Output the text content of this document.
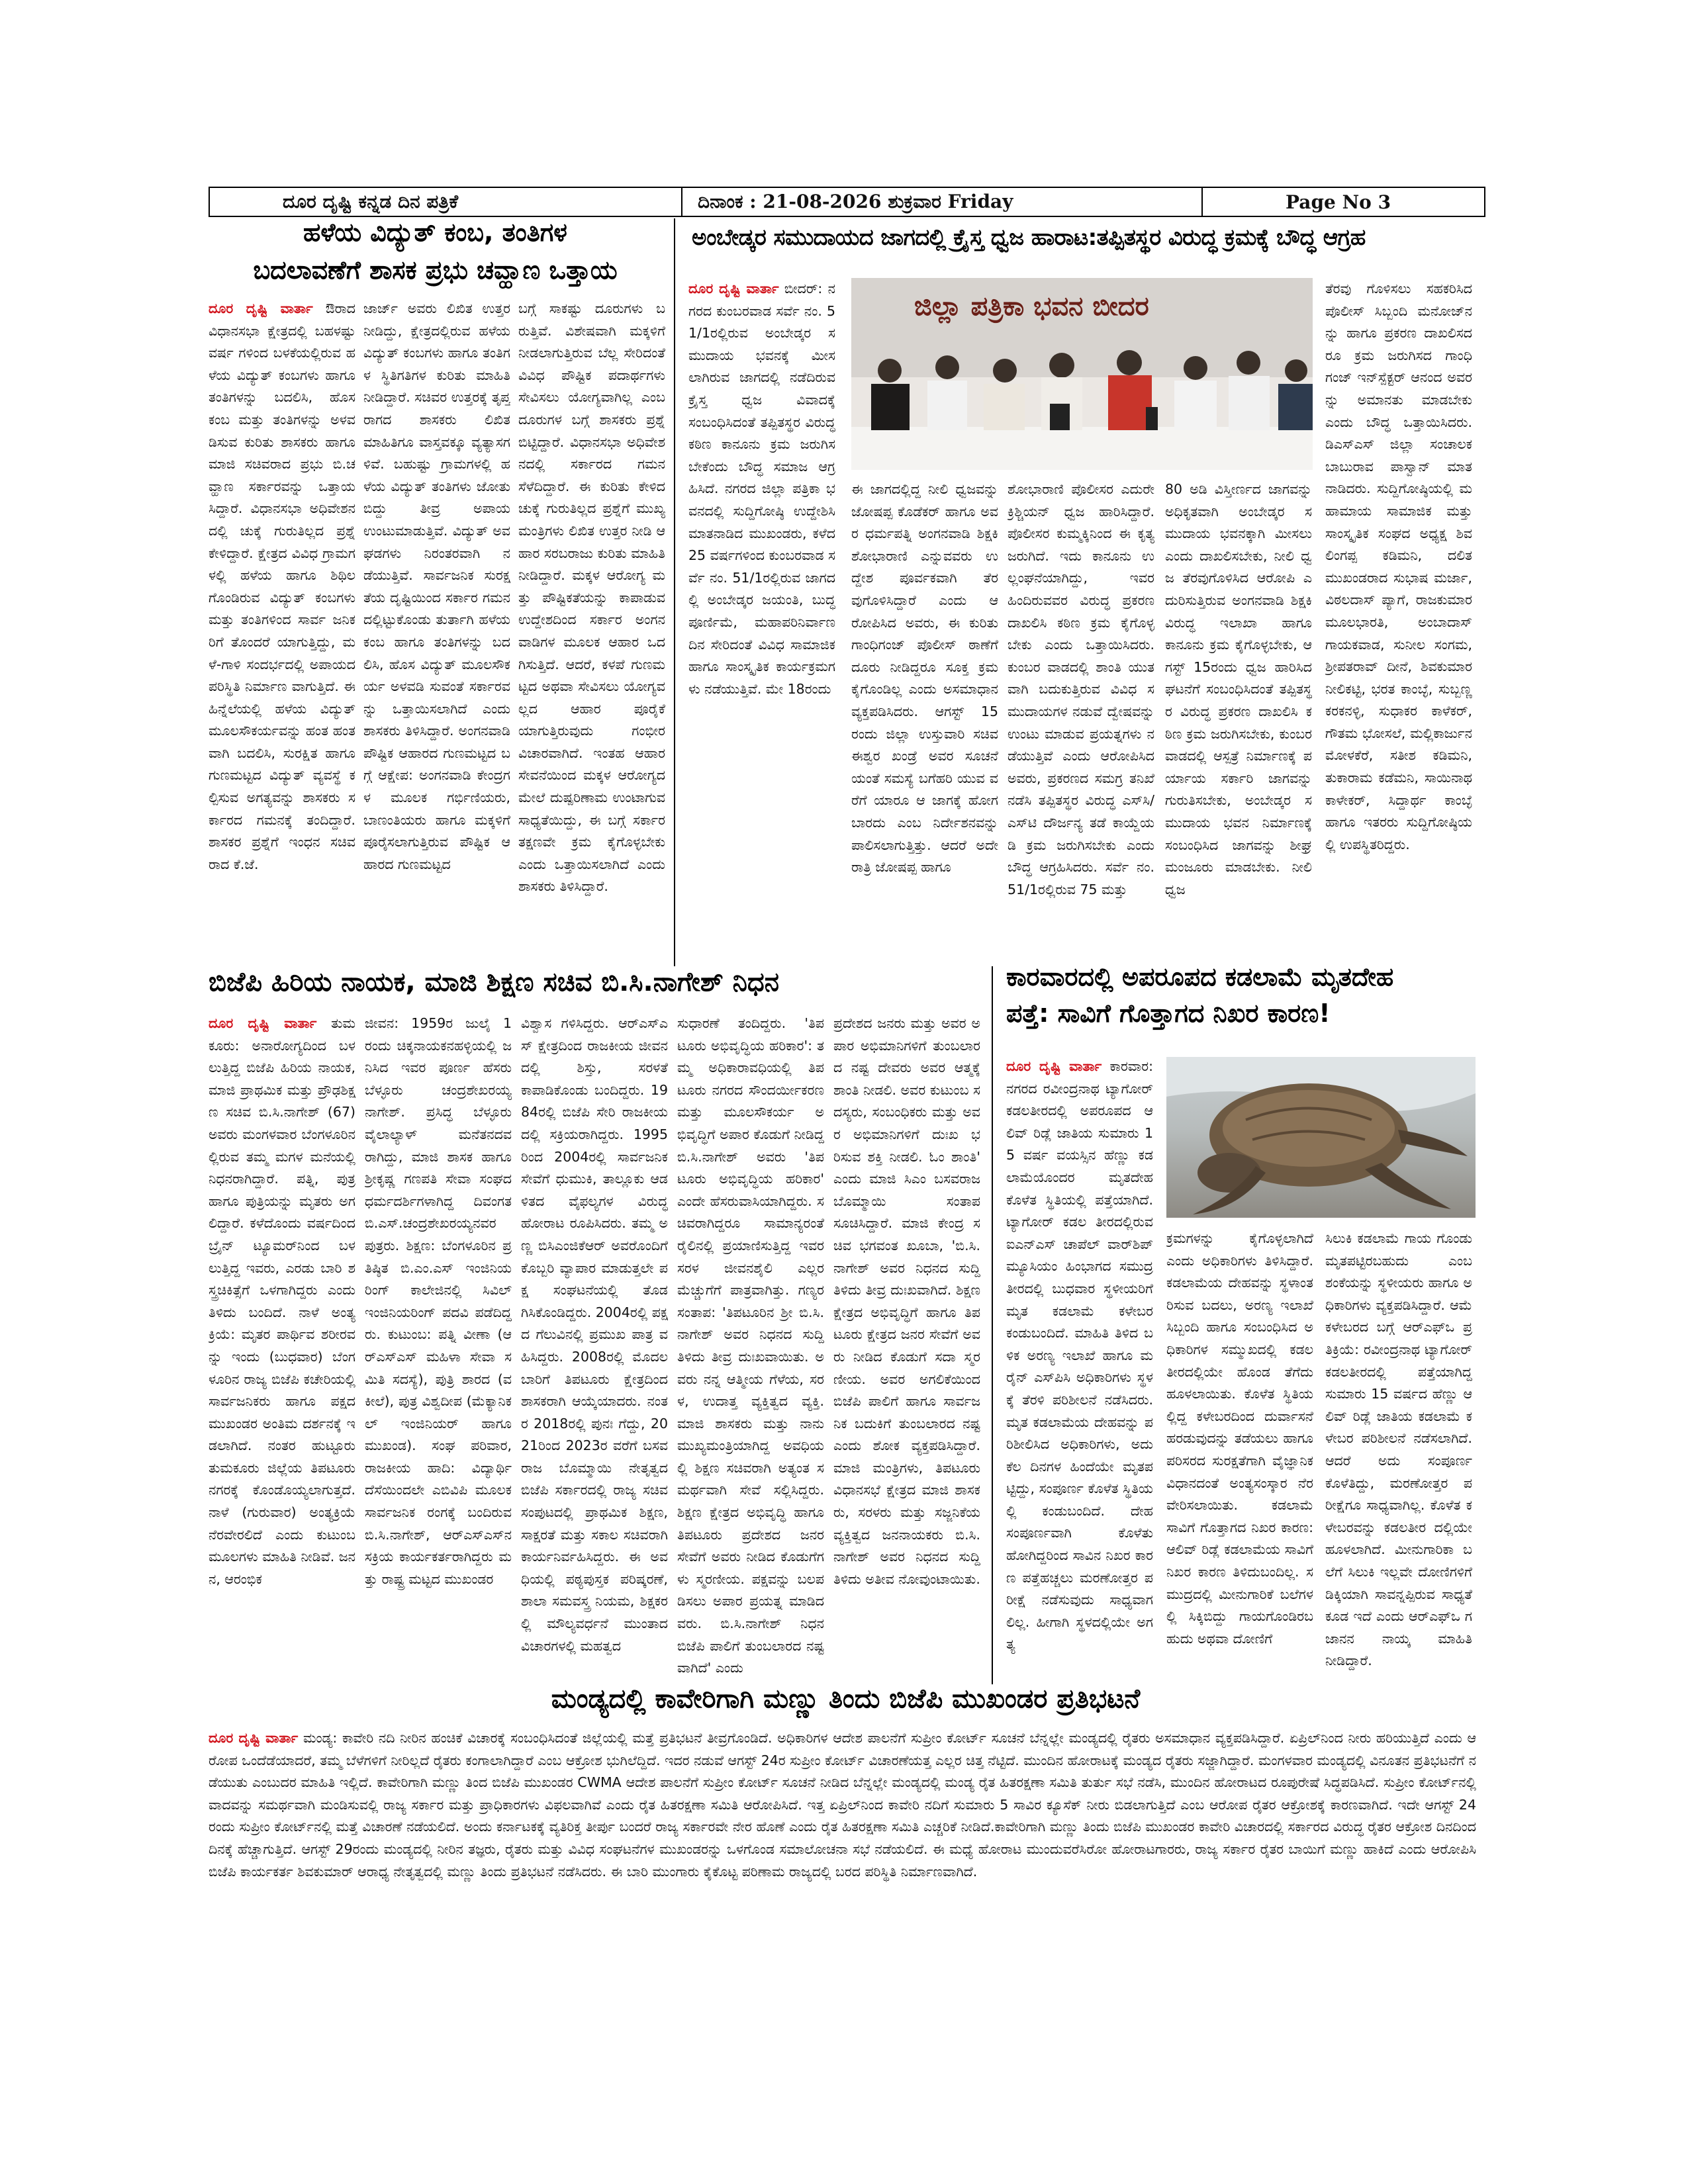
ದೂರ ದೃಷ್ಟಿ ಕನ್ನಡ ದಿನ ಪತ್ರಿಕೆ	ದಿನಾಂಕ : 21-08-2026 ಶುಕ್ರವಾರ Friday	Page No 3
ಹಳೆಯ ವಿದ್ಯುತ್ ಕಂಬ, ತಂತಿಗಳ
ಬದಲಾವಣೆಗೆ ಶಾಸಕ ಪ್ರಭು ಚವ್ಹಾಣ ಒತ್ತಾಯ

ದೂರ ದೃಷ್ಟಿ ವಾರ್ತಾ ಔರಾದ ವಿಧಾನಸಭಾ ಕ್ಷೇತ್ರದಲ್ಲಿ ಬಹಳಷ್ಟು ವರ್ಷ ಗಳಿಂದ ಬಳಕೆಯಲ್ಲಿರುವ ಹಳೆಯ ವಿದ್ಯುತ್ ಕಂಬಗಳು ಹಾಗೂ ತಂತಿಗಳನ್ನು ಬದಲಿಸಿ, ಹೊಸ ಕಂಬ ಮತ್ತು ತಂತಿಗಳನ್ನು ಅಳವಡಿಸುವ ಕುರಿತು ಶಾಸಕರು ಹಾಗೂ ಮಾಜಿ ಸಚಿವರಾದ ಪ್ರಭು ಬಿ.ಚವ್ಹಾಣ ಸರ್ಕಾರವನ್ನು ಒತ್ತಾಯ ಸಿದ್ದಾರೆ. ವಿಧಾನಸಭಾ ಅಧಿವೇಶನದಲ್ಲಿ ಚುಕ್ಕೆ ಗುರುತಿಲ್ಲದ ಪ್ರಶ್ನೆ ಕೇಳಿದ್ದಾರೆ. ಕ್ಷೇತ್ರದ ವಿವಿಧ ಗ್ರಾಮಗಳಲ್ಲಿ ಹಳೆಯ ಹಾಗೂ ಶಿಥಿಲಗೊಂಡಿರುವ ವಿದ್ಯುತ್ ಕಂಬಗಳು ಮತ್ತು ತಂತಿಗಳಿಂದ ಸಾರ್ವ ಜನಿಕರಿಗೆ ತೊಂದರೆ ಯಾಗುತ್ತಿದ್ದು, ಮಳೆ-ಗಾಳಿ ಸಂದರ್ಭದಲ್ಲಿ ಅಪಾಯದ ಪರಿಸ್ಥಿತಿ ನಿರ್ಮಾಣ ವಾಗುತ್ತಿದೆ. ಈ ಹಿನ್ನೆಲೆಯಲ್ಲಿ ಹಳೆಯ ವಿದ್ಯುತ್ ಮೂಲಸೌಕರ್ಯವನ್ನು ಹಂತ ಹಂತವಾಗಿ ಬದಲಿಸಿ, ಸುರಕ್ಷಿತ ಹಾಗೂ ಗುಣಮಟ್ಟದ ವಿದ್ಯುತ್ ವ್ಯವಸ್ಥೆ ಕಲ್ಪಿಸುವ ಅಗತ್ಯವನ್ನು ಶಾಸಕರು ಸರ್ಕಾರದ ಗಮನಕ್ಕೆ ತಂದಿದ್ದಾರೆ. ಶಾಸಕರ ಪ್ರಶ್ನೆಗೆ ಇಂಧನ ಸಚಿವರಾದ ಕೆ.ಜೆ.

ಜಾರ್ಜ್ ಅವರು ಲಿಖಿತ ಉತ್ತರ ನೀಡಿದ್ದು, ಕ್ಷೇತ್ರದಲ್ಲಿರುವ ಹಳೆಯ ವಿದ್ಯುತ್ ಕಂಬಗಳು ಹಾಗೂ ತಂತಿಗಳ ಸ್ಥಿತಿಗತಿಗಳ ಕುರಿತು ಮಾಹಿತಿ ನೀಡಿದ್ದಾರೆ. ಸಚಿವರ ಉತ್ತರಕ್ಕೆ ತೃಪ್ತರಾಗದ ಶಾಸಕರು ಲಿಖಿತ ಮಾಹಿತಿಗೂ ವಾಸ್ತವಕ್ಕೂ ವ್ಯತ್ಯಾಸಗಳಿವೆ. ಬಹುಷ್ಟು ಗ್ರಾಮಗಳಲ್ಲಿ ಹಳೆಯ ವಿದ್ಯುತ್ ತಂತಿಗಳು ಜೋತು ಬಿದ್ದು ತೀವ್ರ ಅಪಾಯ ಉಂಟುಮಾಡುತ್ತಿವೆ. ವಿದ್ಯುತ್ ಅವಘಡಗಳು ನಿರಂತರವಾಗಿ ನಡೆಯುತ್ತಿವೆ. ಸಾರ್ವಜನಿಕ ಸುರಕ್ಷತೆಯ ದೃಷ್ಟಿಯಿಂದ ಸರ್ಕಾರ ಗಮನದಲ್ಲಿಟ್ಟುಕೊಂಡು ತುರ್ತಾಗಿ ಹಳೆಯ ಕಂಬ ಹಾಗೂ ತಂತಿಗಳನ್ನು ಬದಲಿಸಿ, ಹೊಸ ವಿದ್ಯುತ್ ಮೂಲಸೌಕರ್ಯ ಅಳವಡಿ ಸುವಂತೆ ಸರ್ಕಾರವನ್ನು ಒತ್ತಾಯಿಸಲಾಗಿದೆ ಎಂದು ಶಾಸಕರು ತಿಳಿಸಿದ್ದಾರೆ. ಅಂಗನವಾಡಿ ಪೌಷ್ಟಿಕ ಆಹಾರದ ಗುಣಮಟ್ಟದ ಬಗ್ಗೆ ಆಕ್ಷೇಪ: ಅಂಗನವಾಡಿ ಕೇಂದ್ರಗಳ ಮೂಲಕ ಗರ್ಭಿಣಿಯರು, ಬಾಣಂತಿಯರು ಹಾಗೂ ಮಕ್ಕಳಿಗೆ ಪೂರೈಸಲಾಗುತ್ತಿರುವ ಪೌಷ್ಟಿಕ ಆಹಾರದ ಗುಣಮಟ್ಟದ

ಬಗ್ಗೆ ಸಾಕಷ್ಟು ದೂರುಗಳು ಬರುತ್ತಿವೆ. ವಿಶೇಷವಾಗಿ ಮಕ್ಕಳಿಗೆ ನೀಡಲಾಗುತ್ತಿರುವ ಬೆಲ್ಲ ಸೇರಿದಂತೆ ವಿವಿಧ ಪೌಷ್ಟಿಕ ಪದಾರ್ಥಗಳು ಸೇವಿಸಲು ಯೋಗ್ಯವಾಗಿಲ್ಲ ಎಂಬ ದೂರುಗಳ ಬಗ್ಗೆ ಶಾಸಕರು ಪ್ರಶ್ನೆ ಬಿಟ್ಟಿದ್ದಾರೆ. ವಿಧಾನಸಭಾ ಅಧಿವೇಶನದಲ್ಲಿ ಸರ್ಕಾರದ ಗಮನ ಸೆಳೆದಿದ್ದಾರೆ. ಈ ಕುರಿತು ಕೇಳಿದ ಚುಕ್ಕೆ ಗುರುತಿಲ್ಲದ ಪ್ರಶ್ನೆಗೆ ಮುಖ್ಯಮಂತ್ರಿಗಳು ಲಿಖಿತ ಉತ್ತರ ನೀಡಿ ಆಹಾರ ಸರಬರಾಜು ಕುರಿತು ಮಾಹಿತಿ ನೀಡಿದ್ದಾರೆ. ಮಕ್ಕಳ ಆರೋಗ್ಯ ಮತ್ತು ಪೌಷ್ಟಿಕತೆಯನ್ನು ಕಾಪಾಡುವ ಉದ್ದೇಶದಿಂದ ಸರ್ಕಾರ ಅಂಗನವಾಡಿಗಳ ಮೂಲಕ ಆಹಾರ ಒದಗಿಸುತ್ತಿದೆ. ಆದರೆ, ಕಳಪೆ ಗುಣಮಟ್ಟದ ಅಥವಾ ಸೇವಿಸಲು ಯೋಗ್ಯವಲ್ಲದ ಆಹಾರ ಪೂರೈಕೆ ಯಾಗುತ್ತಿರುವುದು ಗಂಭೀರ ವಿಚಾರವಾಗಿದೆ. ಇಂತಹ ಆಹಾರ ಸೇವನೆಯಿಂದ ಮಕ್ಕಳ ಆರೋಗ್ಯದ ಮೇಲೆ ದುಷ್ಪರಿಣಾಮ ಉಂಟಾಗುವ ಸಾಧ್ಯತೆಯಿದ್ದು, ಈ ಬಗ್ಗೆ ಸರ್ಕಾರ ತಕ್ಷಣವೇ ಕ್ರಮ ಕೈಗೊಳ್ಳಬೇಕು ಎಂದು ಒತ್ತಾಯಿಸಲಾಗಿದೆ ಎಂದು ಶಾಸಕರು ತಿಳಿಸಿದ್ದಾರೆ.

ಅಂಬೇಡ್ಕರ ಸಮುದಾಯದ ಜಾಗದಲ್ಲಿ ಕ್ರೈಸ್ತ ಧ್ವಜ ಹಾರಾಟ:ತಪ್ಪಿತಸ್ಥರ ವಿರುದ್ಧ ಕ್ರಮಕ್ಕೆ ಬೌದ್ಧ ಆಗ್ರಹ

ದೂರ ದೃಷ್ಟಿ ವಾರ್ತಾ ಬೀದರ್: ನಗರದ ಕುಂಬರವಾಡ ಸರ್ವೆ ನಂ. 51/1ರಲ್ಲಿರುವ ಅಂಬೇಡ್ಕರ ಸಮುದಾಯ ಭವನಕ್ಕೆ ಮೀಸಲಾಗಿರುವ ಜಾಗದಲ್ಲಿ ನಡೆದಿರುವ ಕ್ರೈಸ್ತ ಧ್ವಜ ವಿವಾದಕ್ಕೆ ಸಂಬಂಧಿಸಿದಂತೆ ತಪ್ಪಿತಸ್ಥರ ವಿರುದ್ಧ ಕಠಿಣ ಕಾನೂನು ಕ್ರಮ ಜರುಗಿಸ ಬೇಕೆಂದು ಬೌದ್ಧ ಸಮಾಜ ಆಗ್ರಹಿಸಿದೆ. ನಗರದ ಜಿಲ್ಲಾ ಪತ್ರಿಕಾ ಭವನದಲ್ಲಿ ಸುದ್ದಿಗೋಷ್ಠಿ ಉದ್ದೇಶಿಸಿ ಮಾತನಾಡಿದ ಮುಖಂಡರು, ಕಳೆದ 25 ವರ್ಷಗಳಿಂದ ಕುಂಬರವಾಡ ಸರ್ವೆ ನಂ. 51/1ರಲ್ಲಿರುವ ಜಾಗದಲ್ಲಿ ಅಂಬೇಡ್ಕರ ಜಯಂತಿ, ಬುದ್ಧ ಪೂರ್ಣಿಮೆ, ಮಹಾಪರಿನಿರ್ವಾಣ ದಿನ ಸೇರಿದಂತೆ ವಿವಿಧ ಸಾಮಾಜಿಕ ಹಾಗೂ ಸಾಂಸ್ಕೃತಿಕ ಕಾರ್ಯಕ್ರಮಗಳು ನಡೆಯುತ್ತಿವೆ. ಮೇ 18ರಂದು

ಜಿಲ್ಲಾ ಪತ್ರಿಕಾ ಭವನ ಬೀದರ

ಈ ಜಾಗದಲ್ಲಿದ್ದ ನೀಲಿ ಧ್ವಜವನ್ನು ಜೋಷಪ್ಪ ಕೊಡೆಕರ್ ಹಾಗೂ ಅವರ ಧರ್ಮಪತ್ನಿ ಅಂಗನವಾಡಿ ಶಿಕ್ಷಕಿ ಶೋಭಾರಾಣಿ ಎನ್ನುವವರು ಉದ್ದೇಶ ಪೂರ್ವಕವಾಗಿ ತೆರವುಗೊಳಿಸಿದ್ದಾರೆ ಎಂದು ಆರೋಪಿಸಿದ ಅವರು, ಈ ಕುರಿತು ಗಾಂಧಿಗಂಜ್ ಪೊಲೀಸ್ ಠಾಣೆಗೆ ದೂರು ನೀಡಿದ್ದರೂ ಸೂಕ್ತ ಕ್ರಮ ಕೈಗೊಂಡಿಲ್ಲ ಎಂದು ಅಸಮಾಧಾನ ವ್ಯಕ್ತಪಡಿಸಿದರು. ಆಗಸ್ಟ್ 15ರಂದು ಜಿಲ್ಲಾ ಉಸ್ತುವಾರಿ ಸಚಿವ ಈಶ್ವರ ಖಂಡ್ರೆ ಅವರ ಸೂಚನೆ ಯಂತೆ ಸಮಸ್ಯೆ ಬಗೆಹರಿ ಯುವ ವರೆಗೆ ಯಾರೂ ಆ ಜಾಗಕ್ಕೆ ಹೋಗಬಾರದು ಎಂಬ ನಿರ್ದೇಶನವನ್ನು ಪಾಲಿಸಲಾಗುತ್ತಿತ್ತು. ಆದರೆ ಅದೇ ರಾತ್ರಿ ಜೋಷಪ್ಪ ಹಾಗೂ

ಶೋಭಾರಾಣಿ ಪೊಲೀಸರ ಎದುರೇ ಕ್ರಿಶ್ಚಿಯನ್ ಧ್ವಜ ಹಾರಿಸಿದ್ದಾರೆ. ಪೊಲೀಸರ ಕುಮ್ಮಕ್ಕಿನಿಂದ ಈ ಕೃತ್ಯ ಜರುಗಿದೆ. ಇದು ಕಾನೂನು ಉಲ್ಲಂಘನೆಯಾಗಿದ್ದು, ಇವರ ಹಿಂದಿರುವವರ ವಿರುದ್ಧ ಪ್ರಕರಣ ದಾಖಲಿಸಿ ಕಠಿಣ ಕ್ರಮ ಕೈಗೊಳ್ಳಬೇಕು ಎಂದು ಒತ್ತಾಯಿಸಿದರು. ಕುಂಬರ ವಾಡದಲ್ಲಿ ಶಾಂತಿ ಯುತವಾಗಿ ಬದುಕುತ್ತಿರುವ ವಿವಿಧ ಸಮುದಾಯಗಳ ನಡುವೆ ದ್ವೇಷವನ್ನು ಉಂಟು ಮಾಡುವ ಪ್ರಯತ್ನಗಳು ನಡೆಯುತ್ತಿವೆ ಎಂದು ಆರೋಪಿಸಿದ ಅವರು, ಪ್ರಕರಣದ ಸಮಗ್ರ ತನಿಖೆ ನಡೆಸಿ ತಪ್ಪಿತಸ್ಥರ ವಿರುದ್ಧ ಎಸ್‌ಸಿ/ಎಸ್‌ಟಿ ದೌರ್ಜನ್ಯ ತಡೆ ಕಾಯ್ದೆಯಡಿ ಕ್ರಮ ಜರುಗಿಸಬೇಕು ಎಂದು ಬೌದ್ಧ ಆಗ್ರಹಿಸಿದರು. ಸರ್ವೆ ನಂ. 51/1ರಲ್ಲಿರುವ 75 ಮತ್ತು

80 ಅಡಿ ವಿಸ್ತೀರ್ಣದ ಜಾಗವನ್ನು ಅಧಿಕೃತವಾಗಿ ಅಂಬೇಡ್ಕರ ಸಮುದಾಯ ಭವನಕ್ಕಾಗಿ ಮೀಸಲು ಎಂದು ದಾಖಲಿಸಬೇಕು, ನೀಲಿ ಧ್ವಜ ತೆರವುಗೊಳಿಸಿದ ಆರೋಪಿ ಎದುರಿಸುತ್ತಿರುವ ಅಂಗನವಾಡಿ ಶಿಕ್ಷಕಿ ವಿರುದ್ಧ ಇಲಾಖಾ ಹಾಗೂ ಕಾನೂನು ಕ್ರಮ ಕೈಗೊಳ್ಳಬೇಕು, ಆಗಸ್ಟ್ 15ರಂದು ಧ್ವಜ ಹಾರಿಸಿದ ಘಟನೆಗೆ ಸಂಬಂಧಿಸಿದಂತೆ ತಪ್ಪಿತಸ್ಥರ ವಿರುದ್ಧ ಪ್ರಕರಣ ದಾಖಲಿಸಿ ಕಠಿಣ ಕ್ರಮ ಜರುಗಿಸಬೇಕು, ಕುಂಬರವಾಡದಲ್ಲಿ ಆಸ್ಪತ್ರೆ ನಿರ್ಮಾಣಕ್ಕೆ ಪರ್ಯಾಯ ಸರ್ಕಾರಿ ಜಾಗವನ್ನು ಗುರುತಿಸಬೇಕು, ಅಂಬೇಡ್ಕರ ಸಮುದಾಯ ಭವನ ನಿರ್ಮಾಣಕ್ಕೆ ಸಂಬಂಧಿಸಿದ ಜಾಗವನ್ನು ಶೀಘ್ರ ಮಂಜೂರು ಮಾಡಬೇಕು. ನೀಲಿ ಧ್ವಜ

ತೆರವು ಗೊಳಿಸಲು ಸಹಕರಿಸಿದ ಪೊಲೀಸ್ ಸಿಬ್ಬಂದಿ ಮನೋಜ್‌ನನ್ನು ಹಾಗೂ ಪ್ರಕರಣ ದಾಖಲಿಸದರೂ ಕ್ರಮ ಜರುಗಿಸದ ಗಾಂಧಿ ಗಂಜ್ ಇನ್‌ಸ್ಪೆಕ್ಟರ್ ಆನಂದ ಅವರನ್ನು ಅಮಾನತು ಮಾಡಬೇಕು ಎಂದು ಬೌದ್ಧ ಒತ್ತಾಯಿಸಿದರು. ಡಿಎಸ್‌ಎಸ್ ಜಿಲ್ಲಾ ಸಂಚಾಲಕ ಬಾಬುರಾವ ಪಾಸ್ವಾನ್ ಮಾತನಾಡಿದರು. ಸುದ್ದಿಗೋಷ್ಠಿಯಲ್ಲಿ ಮಹಾಮಾಯ ಸಾಮಾಜಿಕ ಮತ್ತು ಸಾಂಸ್ಕೃತಿಕ ಸಂಘದ ಅಧ್ಯಕ್ಷ ಶಿವಲಿಂಗಪ್ಪ ಕಡಿಮನಿ, ದಲಿತ ಮುಖಂಡರಾದ ಸುಭಾಷ ಮರ್ಜಾ, ವಿಠಲದಾಸ್ ಪ್ಯಾಗೆ, ರಾಜಕುಮಾರ ಮೂಲಭಾರತಿ, ಅಂಬಾದಾಸ್ ಗಾಯಕವಾಡ, ಸುನೀಲ ಸಂಗಮ, ಶ್ರೀಪತರಾವ್ ದೀನೆ, ಶಿವಕುಮಾರ ನೀಲಿಕಟ್ಟಿ, ಭರತ ಕಾಂಬ್ಳೆ, ಸುಬ್ಬಣ್ಣ ಕರಕನಳ್ಳಿ, ಸುಧಾಕರ ಕಾಳೆಕರ್, ಗೌತಮ ಭೋಸಲೆ, ಮಲ್ಲಿಕಾರ್ಜುನ ಮೋಳಕೆರೆ, ಸತೀಶ ಕಡಿಮನಿ, ತುಕಾರಾಮ ಕಡೆಮನಿ, ಸಾಯಿನಾಥ ಕಾಳೇಕರ್, ಸಿದ್ದಾರ್ಥ ಕಾಂಬ್ಳೆ ಹಾಗೂ ಇತರರು ಸುದ್ದಿಗೋಷ್ಠಿಯಲ್ಲಿ ಉಪಸ್ಥಿತರಿದ್ದರು.

ಬಿಜೆಪಿ ಹಿರಿಯ ನಾಯಕ, ಮಾಜಿ ಶಿಕ್ಷಣ ಸಚಿವ ಬಿ.ಸಿ.ನಾಗೇಶ್ ನಿಧನ

ದೂರ ದೃಷ್ಟಿ ವಾರ್ತಾ ತುಮಕೂರು: ಅನಾರೋಗ್ಯದಿಂದ ಬಳಲುತ್ತಿದ್ದ ಬಿಜೆಪಿ ಹಿರಿಯ ನಾಯಕ, ಮಾಜಿ ಪ್ರಾಥಮಿಕ ಮತ್ತು ಪ್ರೌಢಶಿಕ್ಷಣ ಸಚಿವ ಬಿ.ಸಿ.ನಾಗೇಶ್ (67) ಅವರು ಮಂಗಳವಾರ ಬೆಂಗಳೂರಿನಲ್ಲಿರುವ ತಮ್ಮ ಮಗಳ ಮನೆಯಲ್ಲಿ ನಿಧನರಾಗಿದ್ದಾರೆ. ಪತ್ನಿ, ಪುತ್ರ ಹಾಗೂ ಪುತ್ರಿಯನ್ನು ಮೃತರು ಅಗಲಿದ್ದಾರೆ. ಕಳೆದೊಂದು ವರ್ಷದಿಂದ ಬ್ರೈನ್ ಟ್ಯೂಮರ್‌ನಿಂದ ಬಳಲುತ್ತಿದ್ದ ಇವರು, ಎರಡು ಬಾರಿ ಶಸ್ತ್ರಚಿಕಿತ್ಸೆಗೆ ಒಳಗಾಗಿದ್ದರು ಎಂದು ತಿಳಿದು ಬಂದಿದೆ. ನಾಳೆ ಅಂತ್ಯಕ್ರಿಯೆ: ಮೃತರ ಪಾರ್ಥಿವ ಶರೀರವನ್ನು ಇಂದು (ಬುಧವಾರ) ಬೆಂಗಳೂರಿನ ರಾಜ್ಯ ಬಿಜೆಪಿ ಕಚೇರಿಯಲ್ಲಿ ಸಾರ್ವಜನಿಕರು ಹಾಗೂ ಪಕ್ಷದ ಮುಖಂಡರ ಅಂತಿಮ ದರ್ಶನಕ್ಕೆ ಇಡಲಾಗಿದೆ. ನಂತರ ಹುಟ್ಟೂರು ತುಮಕೂರು ಜಿಲ್ಲೆಯ ತಿಪಟೂರು ನಗರಕ್ಕೆ ಕೊಂಡೊಯ್ಯಲಾಗುತ್ತದೆ. ನಾಳೆ (ಗುರುವಾರ) ಅಂತ್ಯಕ್ರಿಯೆ ನೆರವೇರಲಿದೆ ಎಂದು ಕುಟುಂಬ ಮೂಲಗಳು ಮಾಹಿತಿ ನೀಡಿವೆ. ಜನನ, ಆರಂಭಿಕ

ಜೀವನ: 1959ರ ಜುಲೈ 1ರಂದು ಚಿಕ್ಕನಾಯಕನಹಳ್ಳಿಯಲ್ಲಿ ಜನಿಸಿದ ಇವರ ಪೂರ್ಣ ಹೆಸರು ಬೆಳ್ಳೂರು ಚಂದ್ರಶೇಖರಯ್ಯ ನಾಗೇಶ್. ಪ್ರಸಿದ್ಧ ಬೆಳ್ಳೂರು ವೈಲಾಲ್ಯಾಳ್ ಮನೆತನದವರಾಗಿದ್ದು, ಮಾಜಿ ಶಾಸಕ ಹಾಗೂ ಶ್ರೀಕೃಷ್ಣ ಗಣಪತಿ ಸೇವಾ ಸಂಘದ ಧರ್ಮದರ್ಶಿಗಳಾಗಿದ್ದ ದಿವಂಗತ ಬಿ.ಎಸ್.ಚಂದ್ರಶೇಖರಯ್ಯನವರ ಪುತ್ರರು. ಶಿಕ್ಷಣ: ಬೆಂಗಳೂರಿನ ಪ್ರತಿಷ್ಠಿತ ಬಿ.ಎಂ.ಎಸ್ ಇಂಜಿನಿಯರಿಂಗ್ ಕಾಲೇಜಿನಲ್ಲಿ ಸಿವಿಲ್ ಇಂಜಿನಿಯರಿಂಗ್ ಪದವಿ ಪಡೆದಿದ್ದರು. ಕುಟುಂಬ: ಪತ್ನಿ ವೀಣಾ (ಆರ್‌ಎಸ್‌ಎಸ್ ಮಹಿಳಾ ಸೇವಾ ಸಮಿತಿ ಸದಸ್ಯೆ), ಪುತ್ರಿ ಶಾರದ (ವಕೀಲೆ), ಪುತ್ರ ವಿಶ್ವದೀಪ (ಮೆಕ್ಯಾನಿಕಲ್ ಇಂಜಿನಿಯರ್ ಹಾಗೂ ಮುಖಂಡ). ಸಂಘ ಪರಿವಾರ, ರಾಜಕೀಯ ಹಾದಿ: ವಿದ್ಯಾರ್ಥಿ ದೆಸೆಯಿಂದಲೇ ಎಬಿವಿಪಿ ಮೂಲಕ ಸಾರ್ವಜನಿಕ ರಂಗಕ್ಕೆ ಬಂದಿರುವ ಬಿ.ಸಿ.ನಾಗೇಶ್, ಆರ್‌ಎಸ್‌ಎಸ್‌ನ ಸಕ್ರಿಯ ಕಾರ್ಯಕರ್ತರಾಗಿದ್ದರು ಮತ್ತು ರಾಷ್ಟ್ರ ಮಟ್ಟದ ಮುಖಂಡರ

ವಿಶ್ವಾಸ ಗಳಿಸಿದ್ದರು. ಆರ್‌ಎಸ್‌ಎಸ್ ಕ್ಷೇತ್ರದಿಂದ ರಾಜಕೀಯ ಜೀವನದಲ್ಲಿ ಶಿಸ್ತು, ಸರಳತೆ ಕಾಪಾಡಿಕೊಂಡು ಬಂದಿದ್ದರು. 1984ರಲ್ಲಿ ಬಿಜೆಪಿ ಸೇರಿ ರಾಜಕೀಯದಲ್ಲಿ ಸಕ್ರಿಯರಾಗಿದ್ದರು. 1995ರಿಂದ 2004ರಲ್ಲಿ ಸಾರ್ವಜನಿಕ ಸೇವೆಗೆ ಧುಮುಕಿ, ತಾಲ್ಲೂಕು ಆಡಳಿತದ ವೈಫಲ್ಯಗಳ ವಿರುದ್ಧ ಹೋರಾಟ ರೂಪಿಸಿದರು. ತಮ್ಮ ಅಣ್ಣ ಬಿಸಿಎಂಜಿಕೆಆರ್ ಅವರೊಂದಿಗೆ ಕೊಬ್ಬರಿ ವ್ಯಾಪಾರ ಮಾಡುತ್ತಲೇ ಪಕ್ಷ ಸಂಘಟನೆಯಲ್ಲಿ ತೊಡಗಿಸಿಕೊಂಡಿದ್ದರು. 2004ರಲ್ಲಿ ಪಕ್ಷದ ಗೆಲುವಿನಲ್ಲಿ ಪ್ರಮುಖ ಪಾತ್ರ ವಹಿಸಿದ್ದರು. 2008ರಲ್ಲಿ ಮೊದಲ ಬಾರಿಗೆ ತಿಪಟೂರು ಕ್ಷೇತ್ರದಿಂದ ಶಾಸಕರಾಗಿ ಆಯ್ಕೆಯಾದರು. ನಂತರ 2018ರಲ್ಲಿ ಪುನಃ ಗೆದ್ದು, 2021ರಿಂದ 2023ರ ವರೆಗೆ ಬಸವರಾಜ ಬೊಮ್ಮಾಯಿ ನೇತೃತ್ವದ ಬಿಜೆಪಿ ಸರ್ಕಾರದಲ್ಲಿ ರಾಜ್ಯ ಸಚಿವ ಸಂಪುಟದಲ್ಲಿ ಪ್ರಾಥಮಿಕ ಶಿಕ್ಷಣ, ಸಾಕ್ಷರತೆ ಮತ್ತು ಸಕಾಲ ಸಚಿವರಾಗಿ ಕಾರ್ಯನಿರ್ವಹಿಸಿದ್ದರು. ಈ ಅವಧಿಯಲ್ಲಿ ಪಠ್ಯಪುಸ್ತಕ ಪರಿಷ್ಕರಣೆ, ಶಾಲಾ ಸಮವಸ್ತ್ರ ನಿಯಮ, ಶಿಕ್ಷಕರಲ್ಲಿ ಮೌಲ್ಯವರ್ಧನೆ ಮುಂತಾದ ವಿಚಾರಗಳಲ್ಲಿ ಮಹತ್ವದ

ಸುಧಾರಣೆ ತಂದಿದ್ದರು. 'ತಿಪಟೂರು ಅಭಿವೃದ್ಧಿಯ ಹರಿಕಾರ': ತಮ್ಮ ಅಧಿಕಾರಾವಧಿಯಲ್ಲಿ ತಿಪಟೂರು ನಗರದ ಸೌಂದರ್ಯೀಕರಣ ಮತ್ತು ಮೂಲಸೌಕರ್ಯ ಅಭಿವೃದ್ಧಿಗೆ ಅಪಾರ ಕೊಡುಗೆ ನೀಡಿದ್ದ ಬಿ.ಸಿ.ನಾಗೇಶ್ ಅವರು 'ತಿಪಟೂರು ಅಭಿವೃದ್ಧಿಯ ಹರಿಕಾರ' ಎಂದೇ ಹೆಸರುವಾಸಿಯಾಗಿದ್ದರು. ಸಚಿವರಾಗಿದ್ದರೂ ಸಾಮಾನ್ಯರಂತೆ ರೈಲಿನಲ್ಲಿ ಪ್ರಯಾಣಿಸುತ್ತಿದ್ದ ಇವರ ಸರಳ ಜೀವನಶೈಲಿ ಎಲ್ಲರ ಮೆಚ್ಚುಗೆಗೆ ಪಾತ್ರವಾಗಿತ್ತು. ಗಣ್ಯರ ಸಂತಾಪ: 'ತಿಪಟೂರಿನ ಶ್ರೀ ಬಿ.ಸಿ.ನಾಗೇಶ್ ಅವರ ನಿಧನದ ಸುದ್ದಿ ತಿಳಿದು ತೀವ್ರ ದುಃಖವಾಯಿತು. ಅವರು ನನ್ನ ಆತ್ಮೀಯ ಗೆಳೆಯ, ಸರಳ, ಉದಾತ್ತ ವ್ಯಕ್ತಿತ್ವದ ವ್ಯಕ್ತಿ. ಮಾಜಿ ಶಾಸಕರು ಮತ್ತು ನಾನು ಮುಖ್ಯಮಂತ್ರಿಯಾಗಿದ್ದ ಅವಧಿಯಲ್ಲಿ ಶಿಕ್ಷಣ ಸಚಿವರಾಗಿ ಅತ್ಯಂತ ಸಮರ್ಥವಾಗಿ ಸೇವೆ ಸಲ್ಲಿಸಿದ್ದರು. ಶಿಕ್ಷಣ ಕ್ಷೇತ್ರದ ಅಭಿವೃದ್ಧಿ ಹಾಗೂ ತಿಪಟೂರು ಪ್ರದೇಶದ ಜನರ ಸೇವೆಗೆ ಅವರು ನೀಡಿದ ಕೊಡುಗೆಗಳು ಸ್ಮರಣೀಯ. ಪಕ್ಷವನ್ನು ಬಲಪಡಿಸಲು ಅಪಾರ ಪ್ರಯತ್ನ ಮಾಡಿದವರು. ಬಿ.ಸಿ.ನಾಗೇಶ್ ನಿಧನ ಬಿಜೆಪಿ ಪಾಲಿಗೆ ತುಂಬಲಾರದ ನಷ್ಟವಾಗಿದೆ' ಎಂದು

ಪ್ರದೇಶದ ಜನರು ಮತ್ತು ಅವರ ಅಪಾರ ಅಭಿಮಾನಿಗಳಿಗೆ ತುಂಬಲಾರದ ನಷ್ಟ ದೇವರು ಅವರ ಆತ್ಮಕ್ಕೆ ಶಾಂತಿ ನೀಡಲಿ. ಅವರ ಕುಟುಂಬ ಸದಸ್ಯರು, ಸಂಬಂಧಿಕರು ಮತ್ತು ಅವರ ಅಭಿಮಾನಿಗಳಿಗೆ ದುಃಖ ಭರಿಸುವ ಶಕ್ತಿ ನೀಡಲಿ. ಓಂ ಶಾಂತಿ' ಎಂದು ಮಾಜಿ ಸಿಎಂ ಬಸವರಾಜ ಬೊಮ್ಮಾಯಿ ಸಂತಾಪ ಸೂಚಿಸಿದ್ದಾರೆ. ಮಾಜಿ ಕೇಂದ್ರ ಸಚಿವ ಭಗವಂತ ಖೂಬಾ, 'ಬಿ.ಸಿ.ನಾಗೇಶ್ ಅವರ ನಿಧನದ ಸುದ್ದಿ ತಿಳಿದು ತೀವ್ರ ದುಃಖವಾಗಿದೆ. ಶಿಕ್ಷಣ ಕ್ಷೇತ್ರದ ಅಭಿವೃದ್ಧಿಗೆ ಹಾಗೂ ತಿಪಟೂರು ಕ್ಷೇತ್ರದ ಜನರ ಸೇವೆಗೆ ಅವರು ನೀಡಿದ ಕೊಡುಗೆ ಸದಾ ಸ್ಮರಣೀಯ. ಅವರ ಅಗಲಿಕೆಯಿಂದ ಬಿಜೆಪಿ ಪಾಲಿಗೆ ಹಾಗೂ ಸಾರ್ವಜನಿಕ ಬದುಕಿಗೆ ತುಂಬಲಾರದ ನಷ್ಟ ಎಂದು ಶೋಕ ವ್ಯಕ್ತಪಡಿಸಿದ್ದಾರೆ. ಮಾಜಿ ಮಂತ್ರಿಗಳು, ತಿಪಟೂರು ವಿಧಾನಸಭೆ ಕ್ಷೇತ್ರದ ಮಾಜಿ ಶಾಸಕರು, ಸರಳರು ಮತ್ತು ಸಜ್ಜನಿಕೆಯ ವ್ಯಕ್ತಿತ್ವದ ಜನನಾಯಕರು ಬಿ.ಸಿ.ನಾಗೇಶ್ ಅವರ ನಿಧನದ ಸುದ್ದಿ ತಿಳಿದು ಅತೀವ ನೋವುಂಟಾಯಿತು.

ಕಾರವಾರದಲ್ಲಿ ಅಪರೂಪದ ಕಡಲಾಮೆ ಮೃತದೇಹ
ಪತ್ತೆ: ಸಾವಿಗೆ ಗೊತ್ತಾಗದ ನಿಖರ ಕಾರಣ!

ದೂರ ದೃಷ್ಟಿ ವಾರ್ತಾ ಕಾರವಾರ: ನಗರದ ರವೀಂದ್ರನಾಥ ಟ್ಯಾಗೋರ್ ಕಡಲತೀರದಲ್ಲಿ ಅಪರೂಪದ ಆಲಿವ್ ರಿಡ್ಲೆ ಜಾತಿಯ ಸುಮಾರು 15 ವರ್ಷ ವಯಸ್ಸಿನ ಹೆಣ್ಣು ಕಡಲಾಮೆಯೊಂದರ ಮೃತದೇಹ ಕೊಳೆತ ಸ್ಥಿತಿಯಲ್ಲಿ ಪತ್ತೆಯಾಗಿದೆ. ಟ್ಯಾಗೋರ್ ಕಡಲ ತೀರದಲ್ಲಿರುವ ಐಎನ್‌ಎಸ್ ಚಾಪೆಲ್ ವಾರ್‌ಶಿಪ್ ಮ್ಯೂಸಿಯಂ ಹಿಂಭಾಗದ ಸಮುದ್ರತೀರದಲ್ಲಿ ಬುಧವಾರ ಸ್ಥಳೀಯರಿಗೆ ಮೃತ ಕಡಲಾಮೆ ಕಳೇಬರ ಕಂಡುಬಂದಿದೆ. ಮಾಹಿತಿ ತಿಳಿದ ಬಳಿಕ ಅರಣ್ಯ ಇಲಾಖೆ ಹಾಗೂ ಮರೈನ್ ಎಸ್‌ಪಿಸಿ ಅಧಿಕಾರಿಗಳು ಸ್ಥಳಕ್ಕೆ ತೆರಳಿ ಪರಿಶೀಲನೆ ನಡೆಸಿದರು. ಮೃತ ಕಡಲಾಮೆಯ ದೇಹವನ್ನು ಪರಿಶೀಲಿಸಿದ ಅಧಿಕಾರಿಗಳು, ಅದು ಕೆಲ ದಿನಗಳ ಹಿಂದೆಯೇ ಮೃತಪಟ್ಟಿದ್ದು, ಸಂಪೂರ್ಣ ಕೊಳೆತ ಸ್ಥಿತಿಯಲ್ಲಿ ಕಂಡುಬಂದಿದೆ. ದೇಹ ಸಂಪೂರ್ಣವಾಗಿ ಕೊಳೆತು ಹೋಗಿದ್ದರಿಂದ ಸಾವಿನ ನಿಖರ ಕಾರಣ ಪತ್ತೆಹಚ್ಚಲು ಮರಣೋತ್ತರ ಪರೀಕ್ಷೆ ನಡೆಸುವುದು ಸಾಧ್ಯವಾಗಲಿಲ್ಲ. ಹೀಗಾಗಿ ಸ್ಥಳದಲ್ಲಿಯೇ ಅಗತ್ಯ

ಕ್ರಮಗಳನ್ನು ಕೈಗೊಳ್ಳಲಾಗಿದೆ ಎಂದು ಅಧಿಕಾರಿಗಳು ತಿಳಿಸಿದ್ದಾರೆ. ಕಡಲಾಮೆಯ ದೇಹವನ್ನು ಸ್ಥಳಾಂತರಿಸುವ ಬದಲು, ಅರಣ್ಯ ಇಲಾಖೆ ಸಿಬ್ಬಂದಿ ಹಾಗೂ ಸಂಬಂಧಿಸಿದ ಅಧಿಕಾರಿಗಳ ಸಮ್ಮುಖದಲ್ಲಿ ಕಡಲ ತೀರದಲ್ಲಿಯೇ ಹೊಂಡ ತೆಗೆದು ಹೂಳಲಾಯಿತು. ಕೊಳೆತ ಸ್ಥಿತಿಯಲ್ಲಿದ್ದ ಕಳೇಬರದಿಂದ ದುರ್ವಾಸನೆ ಹರಡುವುದನ್ನು ತಡೆಯಲು ಹಾಗೂ ಪರಿಸರದ ಸುರಕ್ಷತೆಗಾಗಿ ವೈಜ್ಞಾನಿಕ ವಿಧಾನದಂತೆ ಅಂತ್ಯಸಂಸ್ಕಾರ ನೆರವೇರಿಸಲಾಯಿತು. ಕಡಲಾಮೆ ಸಾವಿಗೆ ಗೊತ್ತಾಗದ ನಿಖರ ಕಾರಣ: ಆಲಿವ್ ರಿಡ್ಲೆ ಕಡಲಾಮೆಯ ಸಾವಿಗೆ ನಿಖರ ಕಾರಣ ತಿಳಿದುಬಂದಿಲ್ಲ. ಸಮುದ್ರದಲ್ಲಿ ಮೀನುಗಾರಿಕೆ ಬಲೆಗಳಲ್ಲಿ ಸಿಕ್ಕಿಬಿದ್ದು ಗಾಯಗೊಂಡಿರಬಹುದು ಅಥವಾ ದೋಣಿಗೆ

ಸಿಲುಕಿ ಕಡಲಾಮೆ ಗಾಯ ಗೊಂಡು ಮೃತಪಟ್ಟಿರಬಹುದು ಎಂಬ ಶಂಕೆಯನ್ನು ಸ್ಥಳೀಯರು ಹಾಗೂ ಅಧಿಕಾರಿಗಳು ವ್ಯಕ್ತಪಡಿಸಿದ್ದಾರೆ. ಆಮೆ ಕಳೇಬರದ ಬಗ್ಗೆ ಆರ್‌ಎಫ್‌ಒ ಪ್ರತಿಕ್ರಿಯೆ: ರವೀಂದ್ರನಾಥ ಟ್ಯಾಗೋರ್ ಕಡಲತೀರದಲ್ಲಿ ಪತ್ತೆಯಾಗಿದ್ದ ಸುಮಾರು 15 ವರ್ಷದ ಹೆಣ್ಣು ಆಲಿವ್ ರಿಡ್ಲೆ ಜಾತಿಯ ಕಡಲಾಮೆ ಕಳೇಬರ ಪರಿಶೀಲನೆ ನಡೆಸಲಾಗಿದೆ. ಆದರೆ ಅದು ಸಂಪೂರ್ಣ ಕೊಳೆತಿದ್ದು, ಮರಣೋತ್ತರ ಪರೀಕ್ಷೆಗೂ ಸಾಧ್ಯವಾಗಿಲ್ಲ. ಕೊಳೆತ ಕಳೇಬರವನ್ನು ಕಡಲತೀರ ದಲ್ಲಿಯೇ ಹೂಳಲಾಗಿದೆ. ಮೀನುಗಾರಿಕಾ ಬಲೆಗೆ ಸಿಲುಕಿ ಇಲ್ಲವೇ ದೋಣಿಗಳಿಗೆ ಡಿಕ್ಕಿಯಾಗಿ ಸಾವನ್ನಪ್ಪಿರುವ ಸಾಧ್ಯತೆ ಕೂಡ ಇದೆ ಎಂದು ಆರ್‌ಎಫ್‌ಒ ಗಜಾನನ ನಾಯ್ಕ ಮಾಹಿತಿ ನೀಡಿದ್ದಾರೆ.

ಮಂಡ್ಯದಲ್ಲಿ ಕಾವೇರಿಗಾಗಿ ಮಣ್ಣು ತಿಂದು ಬಿಜೆಪಿ ಮುಖಂಡರ ಪ್ರತಿಭಟನೆ

ದೂರ ದೃಷ್ಟಿ ವಾರ್ತಾ ಮಂಡ್ಯ: ಕಾವೇರಿ ನದಿ ನೀರಿನ ಹಂಚಿಕೆ ವಿಚಾರಕ್ಕೆ ಸಂಬಂಧಿಸಿದಂತೆ ಜಿಲ್ಲೆಯಲ್ಲಿ ಮತ್ತೆ ಪ್ರತಿಭಟನೆ ತೀವ್ರಗೊಂಡಿದೆ. ಅಧಿಕಾರಿಗಳ ಆದೇಶ ಪಾಲನೆಗೆ ಸುಪ್ರೀಂ ಕೋರ್ಟ್ ಸೂಚನೆ ಬೆನ್ನಲ್ಲೇ ಮಂಡ್ಯದಲ್ಲಿ ರೈತರು ಅಸಮಾಧಾನ ವ್ಯಕ್ತಪಡಿಸಿದ್ದಾರೆ. ಏಪ್ರಿಲ್‌ನಿಂದ ನೀರು ಹರಿಯುತ್ತಿದೆ ಎಂದು ಆರೋಪ ಒಂದೆಡೆಯಾದರೆ, ತಮ್ಮ ಬೆಳೆಗಳಿಗೆ ನೀರಿಲ್ಲದೆ ರೈತರು ಕಂಗಾಲಾಗಿದ್ದಾರೆ ಎಂಬ ಆಕ್ರೋಶ ಭುಗಿಲೆದ್ದಿದೆ. ಇದರ ನಡುವೆ ಆಗಸ್ಟ್ 24ರ ಸುಪ್ರೀಂ ಕೋರ್ಟ್ ವಿಚಾರಣೆಯತ್ತ ಎಲ್ಲರ ಚಿತ್ತ ನೆಟ್ಟಿದೆ. ಮುಂದಿನ ಹೋರಾಟಕ್ಕೆ ಮಂಡ್ಯದ ರೈತರು ಸಜ್ಜಾಗಿದ್ದಾರೆ. ಮಂಗಳವಾರ ಮಂಡ್ಯದಲ್ಲಿ ವಿನೂತನ ಪ್ರತಿಭಟನೆಗೆ ನಡೆಯುತು ಎಂಬುದರ ಮಾಹಿತಿ ಇಲ್ಲಿದೆ. ಕಾವೇರಿಗಾಗಿ ಮಣ್ಣು ತಿಂದ ಬಿಜೆಪಿ ಮುಖಂಡರ CWMA ಆದೇಶ ಪಾಲನೆಗೆ ಸುಪ್ರೀಂ ಕೋರ್ಟ್ ಸೂಚನೆ ನೀಡಿದ ಬೆನ್ನಲ್ಲೇ ಮಂಡ್ಯದಲ್ಲಿ ಮಂಡ್ಯ ರೈತ ಹಿತರಕ್ಷಣಾ ಸಮಿತಿ ತುರ್ತು ಸಭೆ ನಡೆಸಿ, ಮುಂದಿನ ಹೋರಾಟದ ರೂಪುರೇಷೆ ಸಿದ್ಧಪಡಿಸಿದೆ. ಸುಪ್ರೀಂ ಕೋರ್ಟ್‌ನಲ್ಲಿ ವಾದವನ್ನು ಸಮರ್ಥವಾಗಿ ಮಂಡಿಸುವಲ್ಲಿ ರಾಜ್ಯ ಸರ್ಕಾರ ಮತ್ತು ಪ್ರಾಧಿಕಾರಗಳು ವಿಫಲವಾಗಿವೆ ಎಂದು ರೈತ ಹಿತರಕ್ಷಣಾ ಸಮಿತಿ ಆರೋಪಿಸಿದೆ. ಇತ್ತ ಏಪ್ರಿಲ್‌ನಿಂದ ಕಾವೇರಿ ನದಿಗೆ ಸುಮಾರು 5 ಸಾವಿರ ಕ್ಯೂಸೆಕ್ ನೀರು ಬಿಡಲಾಗುತ್ತಿದೆ ಎಂಬ ಆರೋಪ ರೈತರ ಆಕ್ರೋಶಕ್ಕೆ ಕಾರಣವಾಗಿದೆ. ಇದೇ ಆಗಸ್ಟ್ 24ರಂದು ಸುಪ್ರೀಂ ಕೋರ್ಟ್‌ನಲ್ಲಿ ಮತ್ತೆ ವಿಚಾರಣೆ ನಡೆಯಲಿದೆ. ಅಂದು ಕರ್ನಾಟಕಕ್ಕೆ ವ್ಯತಿರಿಕ್ತ ತೀರ್ಪು ಬಂದರೆ ರಾಜ್ಯ ಸರ್ಕಾರವೇ ನೇರ ಹೊಣೆ ಎಂದು ರೈತ ಹಿತರಕ್ಷಣಾ ಸಮಿತಿ ಎಚ್ಚರಿಕೆ ನೀಡಿದೆ.ಕಾವೇರಿಗಾಗಿ ಮಣ್ಣು ತಿಂದು ಬಿಜೆಪಿ ಮುಖಂಡರ ಕಾವೇರಿ ವಿಚಾರದಲ್ಲಿ ಸರ್ಕಾರದ ವಿರುದ್ಧ ರೈತರ ಆಕ್ರೋಶ ದಿನದಿಂದ ದಿನಕ್ಕೆ ಹೆಚ್ಚಾಗುತ್ತಿದೆ. ಆಗಸ್ಟ್ 29ರಂದು ಮಂಡ್ಯದಲ್ಲಿ ನೀರಿನ ತಜ್ಞರು, ರೈತರು ಮತ್ತು ವಿವಿಧ ಸಂಘಟನೆಗಳ ಮುಖಂಡರನ್ನು ಒಳಗೊಂಡ ಸಮಾಲೋಚನಾ ಸಭೆ ನಡೆಯಲಿದೆ. ಈ ಮಧ್ಯೆ ಹೋರಾಟ ಮುಂದುವರೆಸಿರೋ ಹೋರಾಟಗಾರರು, ರಾಜ್ಯ ಸರ್ಕಾರ ರೈತರ ಬಾಯಿಗೆ ಮಣ್ಣು ಹಾಕಿದೆ ಎಂದು ಆರೋಪಿಸಿ ಬಿಜೆಪಿ ಕಾರ್ಯಕರ್ತ ಶಿವಕುಮಾರ್ ಆರಾಧ್ಯ ನೇತೃತ್ವದಲ್ಲಿ ಮಣ್ಣು ತಿಂದು ಪ್ರತಿಭಟನೆ ನಡೆಸಿದರು. ಈ ಬಾರಿ ಮುಂಗಾರು ಕೈಕೊಟ್ಟ ಪರಿಣಾಮ ರಾಜ್ಯದಲ್ಲಿ ಬರದ ಪರಿಸ್ಥಿತಿ ನಿರ್ಮಾಣವಾಗಿದೆ.
